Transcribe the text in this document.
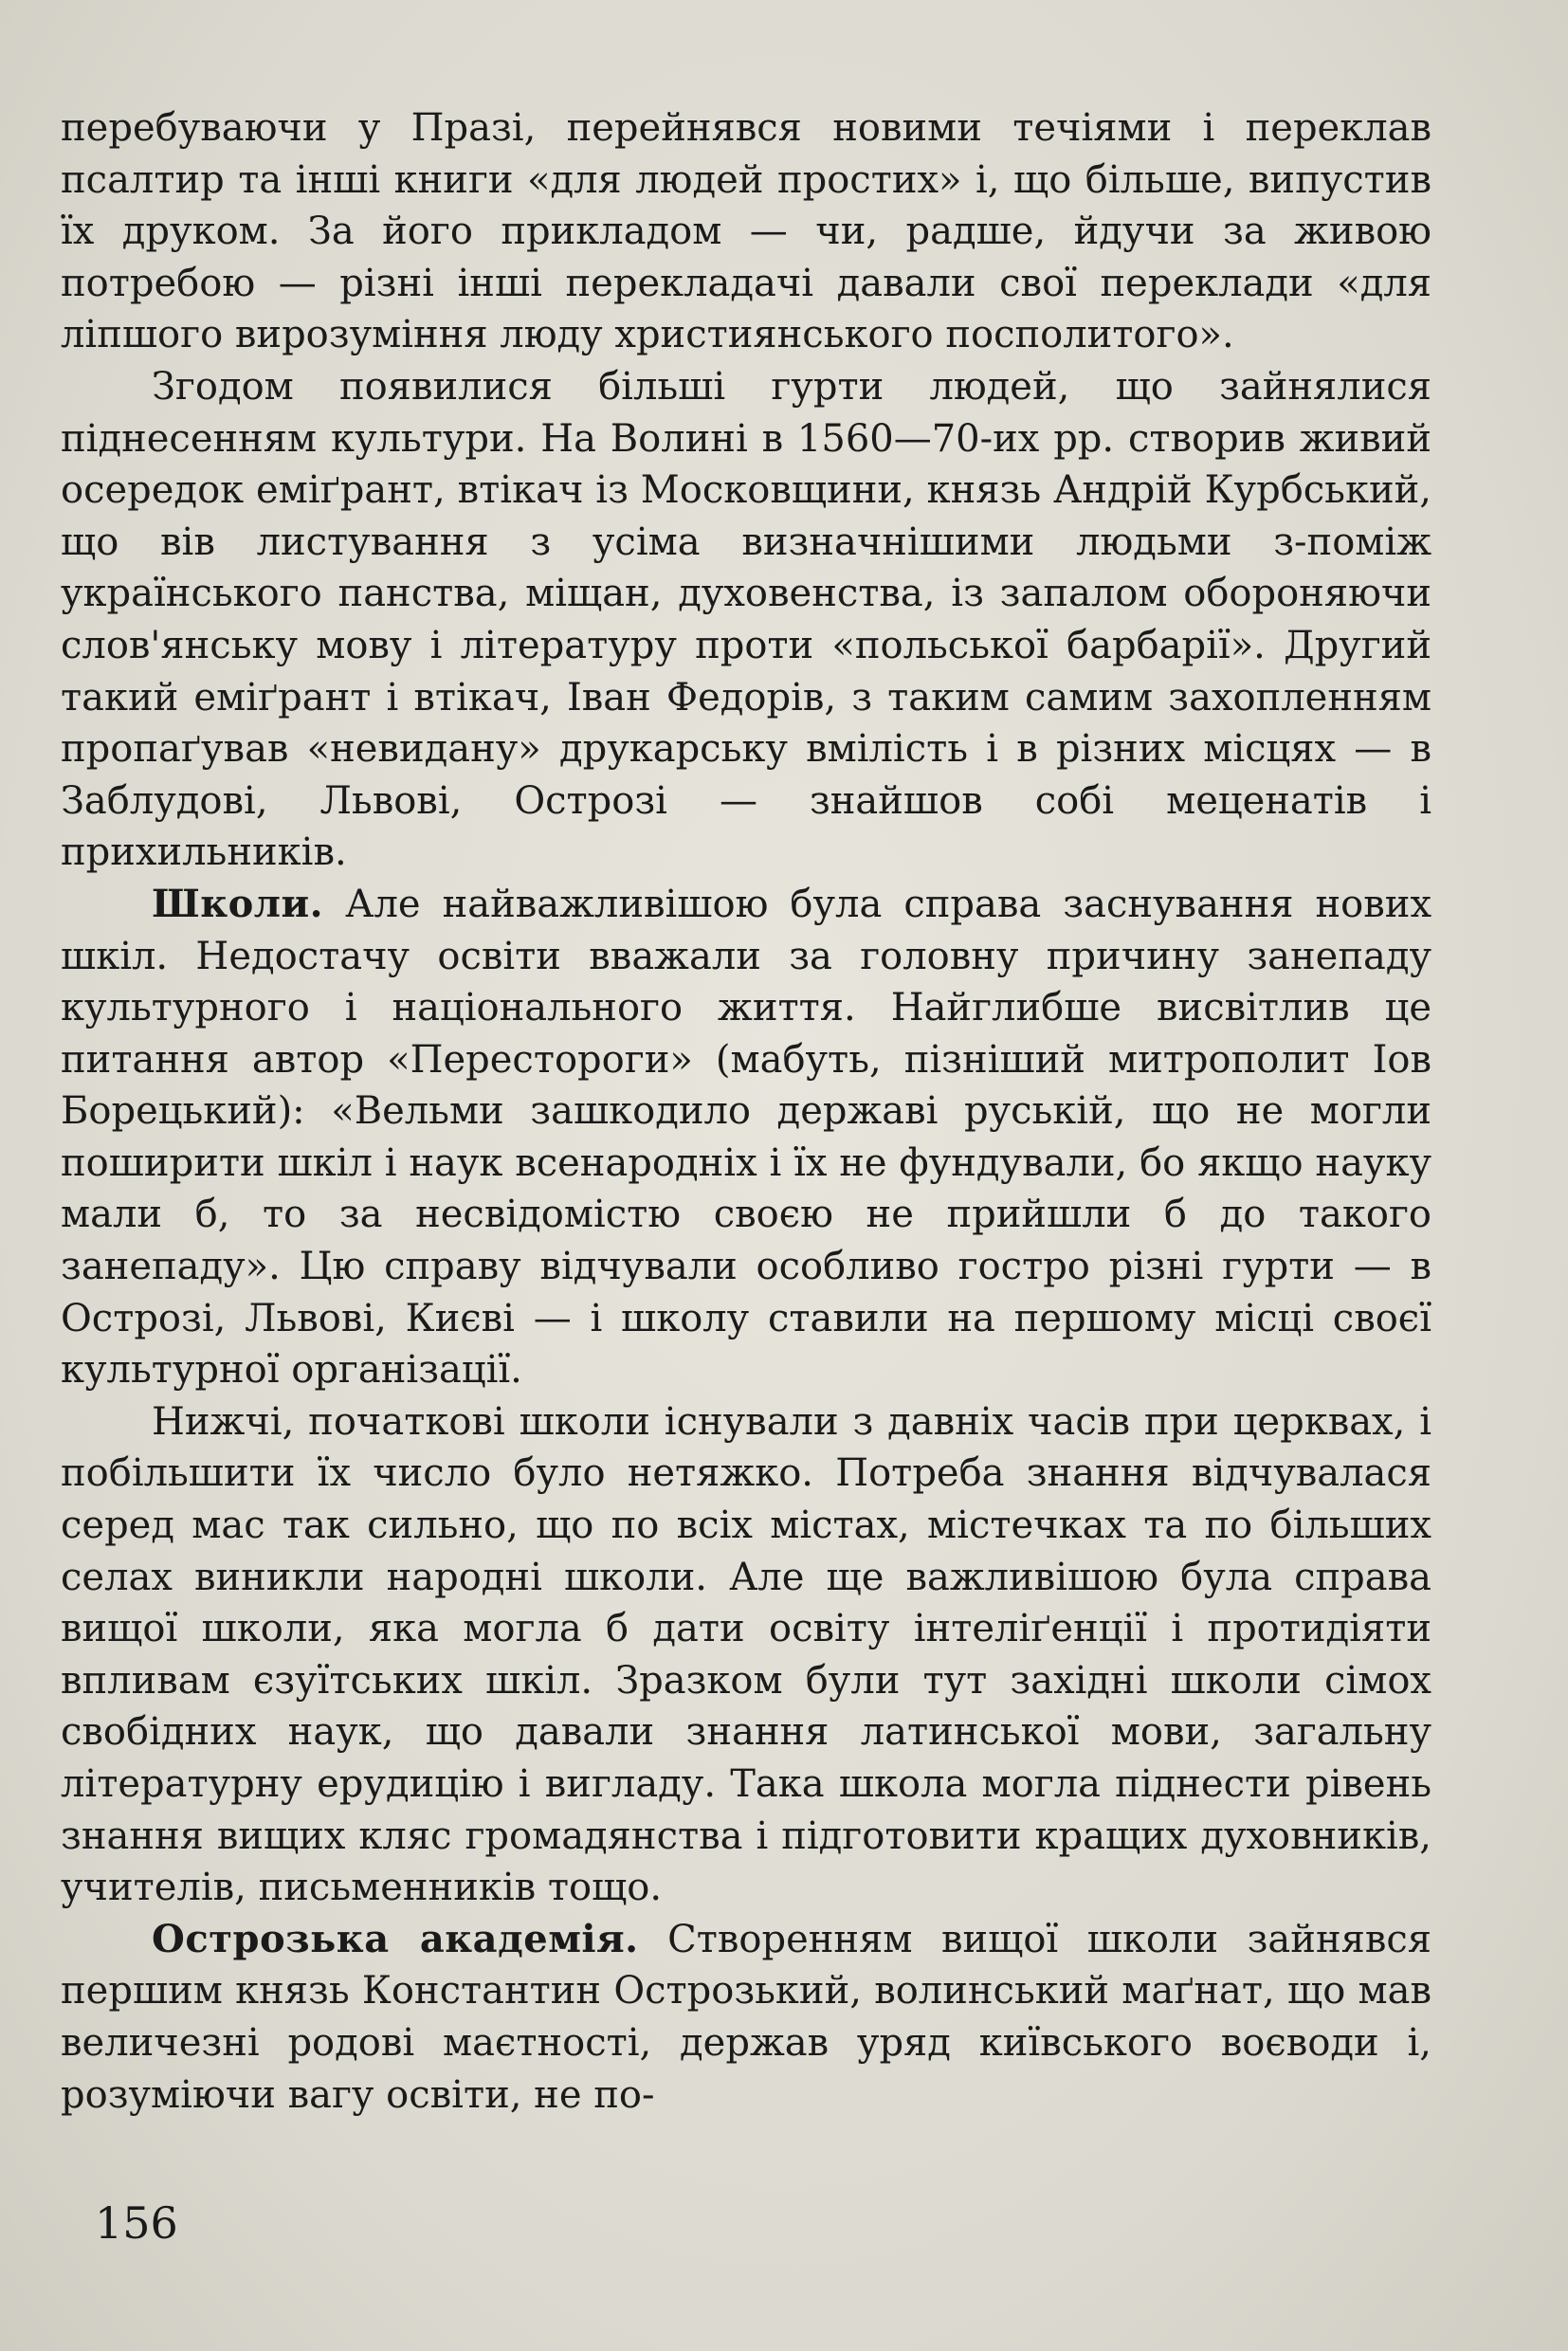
перебуваючи у Празі, перейнявся новими течіями і переклав псалтир та інші книги «для людей простих» і, що більше, випустив їх друком. За його прикладом — чи, радше, йдучи за живою потребою — різні інші перекладачі давали свої переклади «для ліпшого вирозуміння люду християнського посполитого».

Згодом появилися більші гурти людей, що зайнялися піднесенням культури. На Волині в 1560—70-их рр. створив живий осередок еміґрант, втікач із Московщини, князь Андрій Курбський, що вів листування з усіма визначнішими людьми з-поміж українського панства, міщан, духовенства, із запалом обороняючи слов'янську мову і літературу проти «польської барбарії». Другий такий еміґрант і втікач, Іван Федорів, з таким самим захопленням пропаґував «невидану» друкарську вмілість і в різних місцях — в Заблудові, Львові, Острозі — знайшов собі меценатів і прихильників.

Школи. Але найважливішою була справа заснування нових шкіл. Недостачу освіти вважали за головну причину занепаду культурного і національного життя. Найглибше висвітлив це питання автор «Перестороги» (мабуть, пізніший митрополит Іов Борецький): «Вельми зашкодило державі руській, що не могли поширити шкіл і наук всенародніх і їх не фундували, бо якщо науку мали б, то за несвідомістю своєю не прийшли б до такого занепаду». Цю справу відчували особливо гостро різні гурти — в Острозі, Львові, Києві — і школу ставили на першому місці своєї культурної організації.

Нижчі, початкові школи існували з давніх часів при церквах, і побільшити їх число було нетяжко. Потреба знання відчувалася серед мас так сильно, що по всіх містах, містечках та по більших селах виникли народні школи. Але ще важливішою була справа вищої школи, яка могла б дати освіту інтеліґенції і протидіяти впливам єзуїтських шкіл. Зразком були тут західні школи сімох свобідних наук, що давали знання латинської мови, загальну літературну ерудицію і вигладу. Така школа могла піднести рівень знання вищих кляс громадянства і підготовити кращих духовників, учителів, письменників тощо.

Острозька академія. Створенням вищої школи зайнявся першим князь Константин Острозький, волинський маґнат, що мав величезні родові маєтності, держав уряд київського воєводи і, розуміючи вагу освіти, не по-

156
